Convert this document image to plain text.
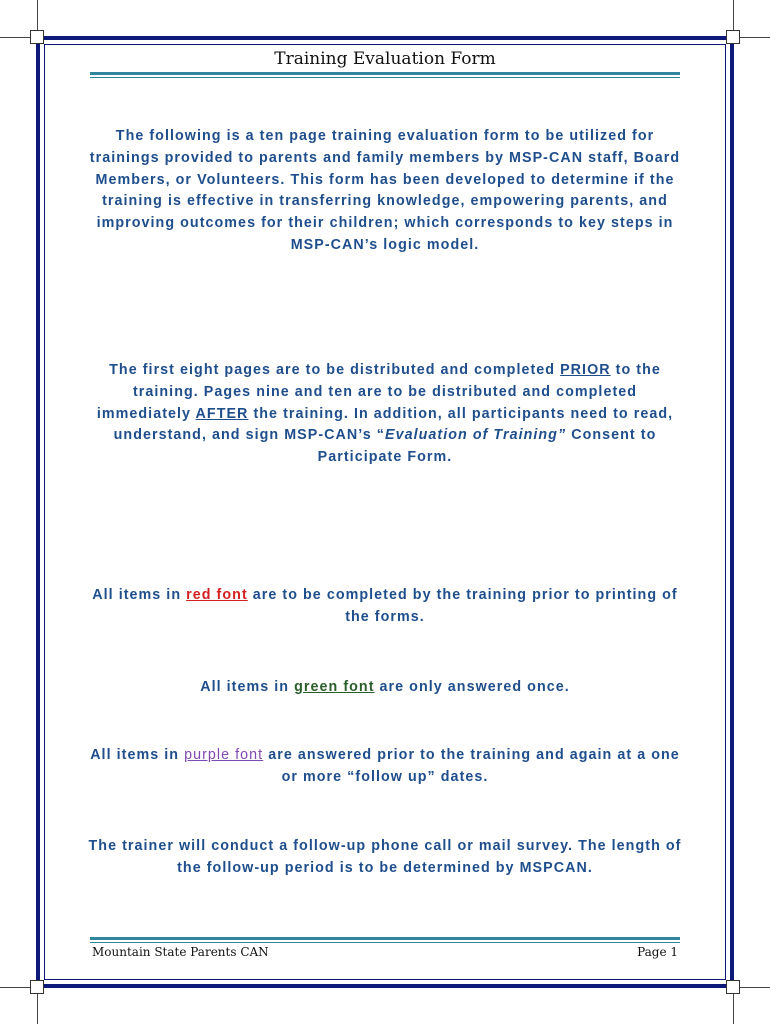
Training Evaluation Form
The following is a ten page training evaluation form to be utilized for trainings provided to parents and family members by MSP-CAN staff, Board Members, or Volunteers. This form has been developed to determine if the training is effective in transferring knowledge, empowering parents, and improving outcomes for their children; which corresponds to key steps in MSP-CAN’s logic model.
The first eight pages are to be distributed and completed PRIOR to the training. Pages nine and ten are to be distributed and completed immediately AFTER the training. In addition, all participants need to read, understand, and sign MSP-CAN’s “Evaluation of Training” Consent to Participate Form.
All items in red font are to be completed by the training prior to printing of the forms.
All items in green font are only answered once.
All items in purple font are answered prior to the training and again at a one or more “follow up” dates.
The trainer will conduct a follow-up phone call or mail survey. The length of the follow-up period is to be determined by MSPCAN.
Mountain State Parents CAN	Page 1
